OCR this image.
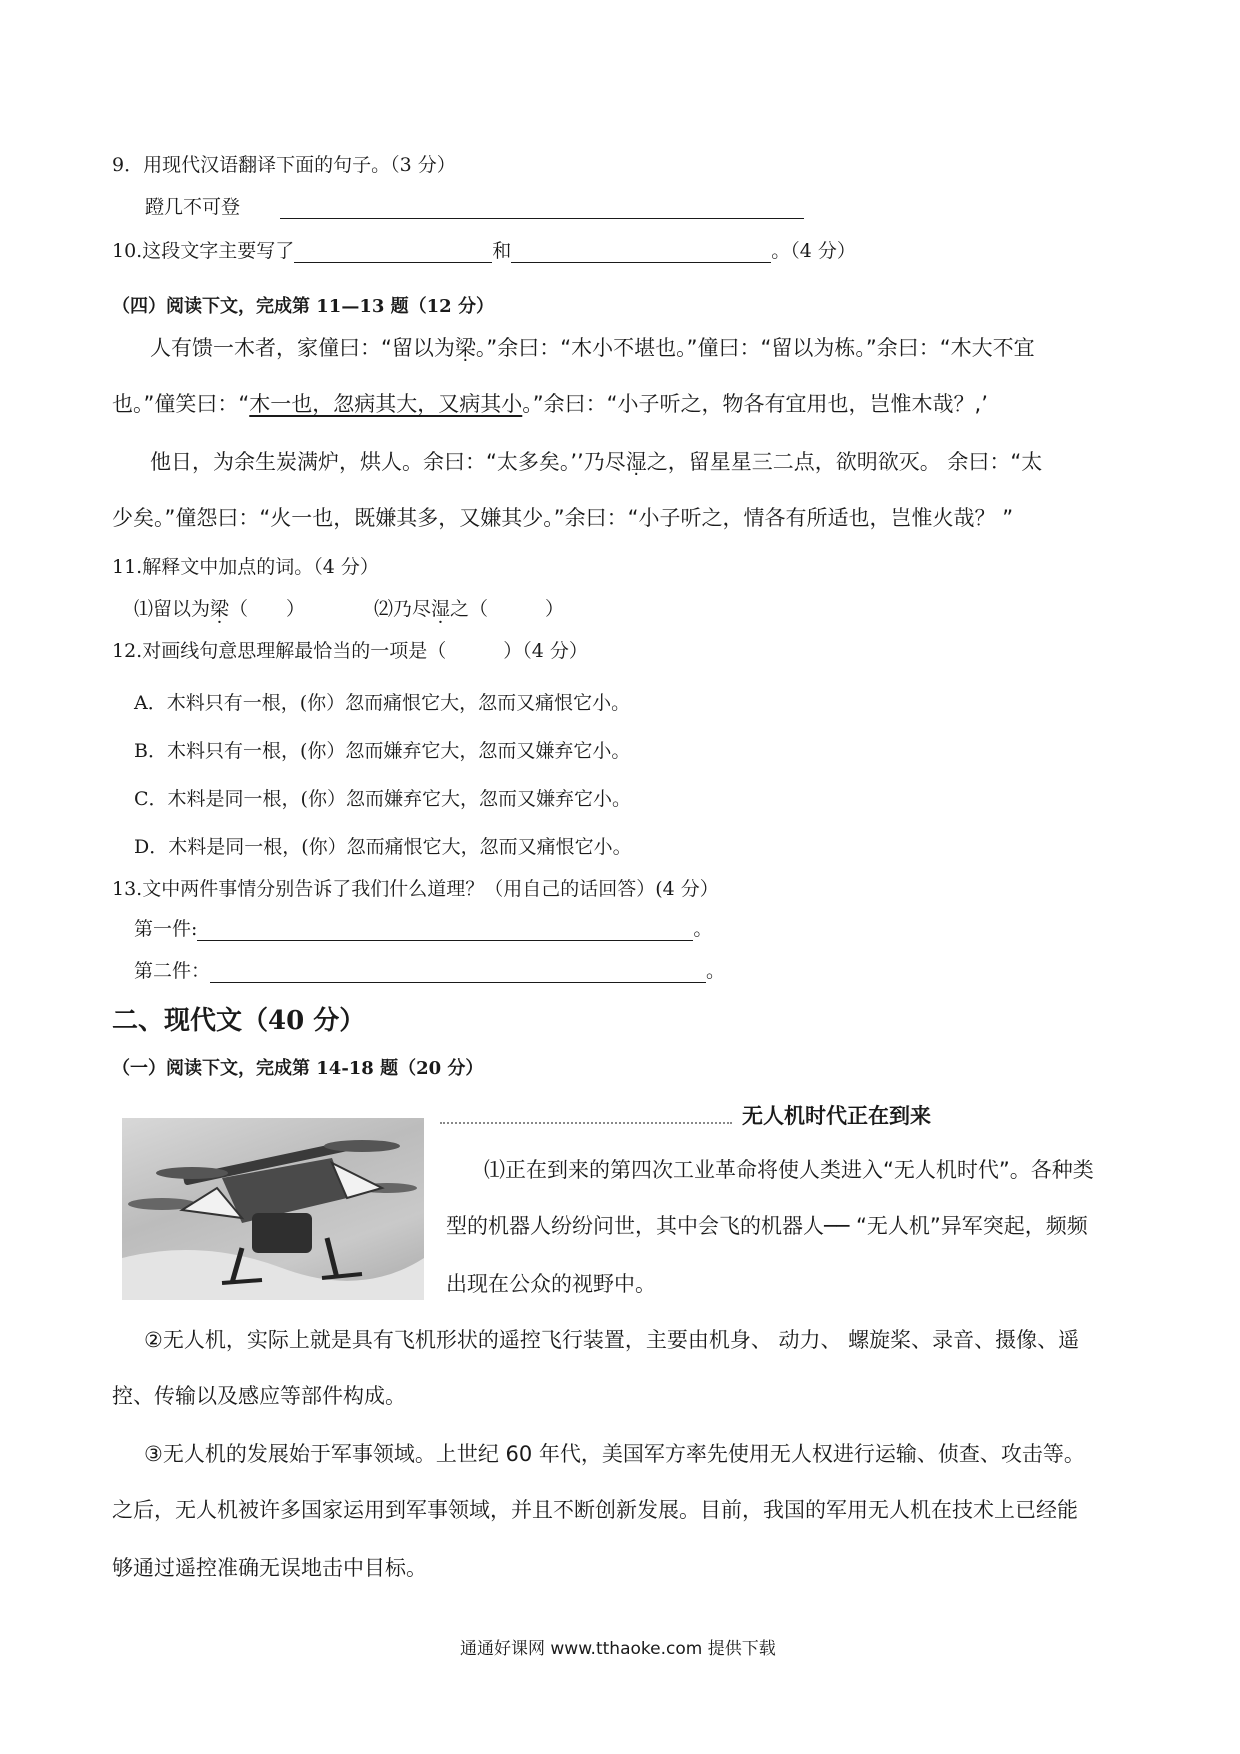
9．用现代汉语翻译下面的句子。（3 分）
蹬几不可登
10.这段文字主要写了	和	。（4 分）
（四）阅读下文，完成第 11—13 题（12 分）
人有馈一木者，家僮曰：“留以为梁。”余曰：“木小不堪也。”僮曰：“留以为栋。”余曰：“木大不宜
也。”僮笑曰：“木一也，忽病其大，又病其小。”余曰：“小子听之，物各有宜用也，岂惟木哉？,’
他日，为余生炭满炉，烘人。余曰：“太多矣。’’乃尽湿之，留星星三二点，欲明欲灭。 余曰：“太
少矣。”僮怨曰：“火一也，既嫌其多，又嫌其少。”余曰：“小子听之，情各有所适也，岂惟火哉？ ”
11.解释文中加点的词。（4 分）
⑴留以为梁（　　）	⑵乃尽湿之（　　　）
12.对画线句意思理解最恰当的一项是（　　　）（4 分）
A．木料只有一根，(你）忽而痛恨它大，忽而又痛恨它小。
B．木料只有一根，(你）忽而嫌弃它大，忽而又嫌弃它小。
C．木料是同一根，(你）忽而嫌弃它大，忽而又嫌弃它小。
D．木料是同一根，(你）忽而痛恨它大，忽而又痛恨它小。
13.文中两件事情分别告诉了我们什么道理？（用自己的话回答）(4 分）
第一件:	。
第二件：	。
二、现代文（40 分）
（一）阅读下文，完成第 14-18 题（20 分）
无人机时代正在到来
⑴正在到来的第四次工业革命将使人类进入“无人机时代”。各种类
型的机器人纷纷问世，其中会飞的机器人── “无人机”异军突起，频频
出现在公众的视野中。
②无人机，实际上就是具有飞机形状的遥控飞行装置，主要由机身、 动力、 螺旋桨、录音、摄像、遥
控、传输以及感应等部件构成。
③无人机的发展始于军事领域。上世纪 60 年代，美国军方率先使用无人权进行运输、侦查、攻击等。
之后，无人机被许多国家运用到军事领域，并且不断创新发展。目前，我国的军用无人机在技术上已经能
够通过遥控准确无误地击中目标。
通通好课网 www.tthaoke.com 提供下载
